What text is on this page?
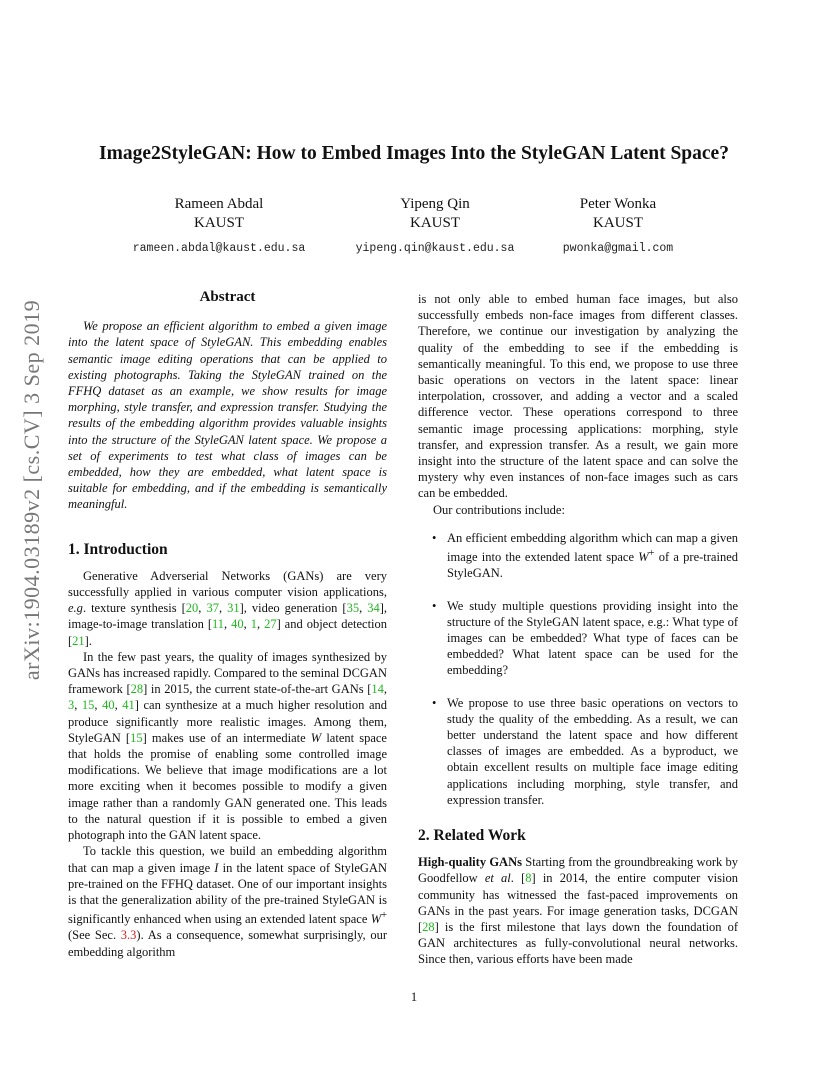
Image2StyleGAN: How to Embed Images Into the StyleGAN Latent Space?
Rameen Abdal
KAUST
rameen.abdal@kaust.edu.sa
Yipeng Qin
KAUST
yipeng.qin@kaust.edu.sa
Peter Wonka
KAUST
pwonka@gmail.com
arXiv:1904.03189v2 [cs.CV] 3 Sep 2019
Abstract

We propose an efficient algorithm to embed a given image into the latent space of StyleGAN. This embedding enables semantic image editing operations that can be applied to existing photographs. Taking the StyleGAN trained on the FFHQ dataset as an example, we show results for image morphing, style transfer, and expression transfer. Studying the results of the embedding algorithm provides valuable insights into the structure of the StyleGAN latent space. We propose a set of experiments to test what class of images can be embedded, how they are embedded, what latent space is suitable for embedding, and if the embedding is semantically meaningful.

1. Introduction

Generative Adverserial Networks (GANs) are very successfully applied in various computer vision applications, e.g. texture synthesis [20, 37, 31], video generation [35, 34], image-to-image translation [11, 40, 1, 27] and object detection [21].

In the few past years, the quality of images synthesized by GANs has increased rapidly. Compared to the seminal DCGAN framework [28] in 2015, the current state-of-the-art GANs [14, 3, 15, 40, 41] can synthesize at a much higher resolution and produce significantly more realistic images. Among them, StyleGAN [15] makes use of an intermediate W latent space that holds the promise of enabling some controlled image modifications. We believe that image modifications are a lot more exciting when it becomes possible to modify a given image rather than a randomly GAN generated one. This leads to the natural question if it is possible to embed a given photograph into the GAN latent space.

To tackle this question, we build an embedding algorithm that can map a given image I in the latent space of StyleGAN pre-trained on the FFHQ dataset. One of our important insights is that the generalization ability of the pre-trained StyleGAN is significantly enhanced when using an extended latent space W+ (See Sec. 3.3). As a consequence, somewhat surprisingly, our embedding algorithm

is not only able to embed human face images, but also successfully embeds non-face images from different classes. Therefore, we continue our investigation by analyzing the quality of the embedding to see if the embedding is semantically meaningful. To this end, we propose to use three basic operations on vectors in the latent space: linear interpolation, crossover, and adding a vector and a scaled difference vector. These operations correspond to three semantic image processing applications: morphing, style transfer, and expression transfer. As a result, we gain more insight into the structure of the latent space and can solve the mystery why even instances of non-face images such as cars can be embedded.

Our contributions include:

• An efficient embedding algorithm which can map a given image into the extended latent space W+ of a pre-trained StyleGAN.
• We study multiple questions providing insight into the structure of the StyleGAN latent space, e.g.: What type of images can be embedded? What type of faces can be embedded? What latent space can be used for the embedding?
• We propose to use three basic operations on vectors to study the quality of the embedding. As a result, we can better understand the latent space and how different classes of images are embedded. As a byproduct, we obtain excellent results on multiple face image editing applications including morphing, style transfer, and expression transfer.
2. Related Work

High-quality GANs Starting from the groundbreaking work by Goodfellow et al. [8] in 2014, the entire computer vision community has witnessed the fast-paced improvements on GANs in the past years. For image generation tasks, DCGAN [28] is the first milestone that lays down the foundation of GAN architectures as fully-convolutional neural networks. Since then, various efforts have been made

1
